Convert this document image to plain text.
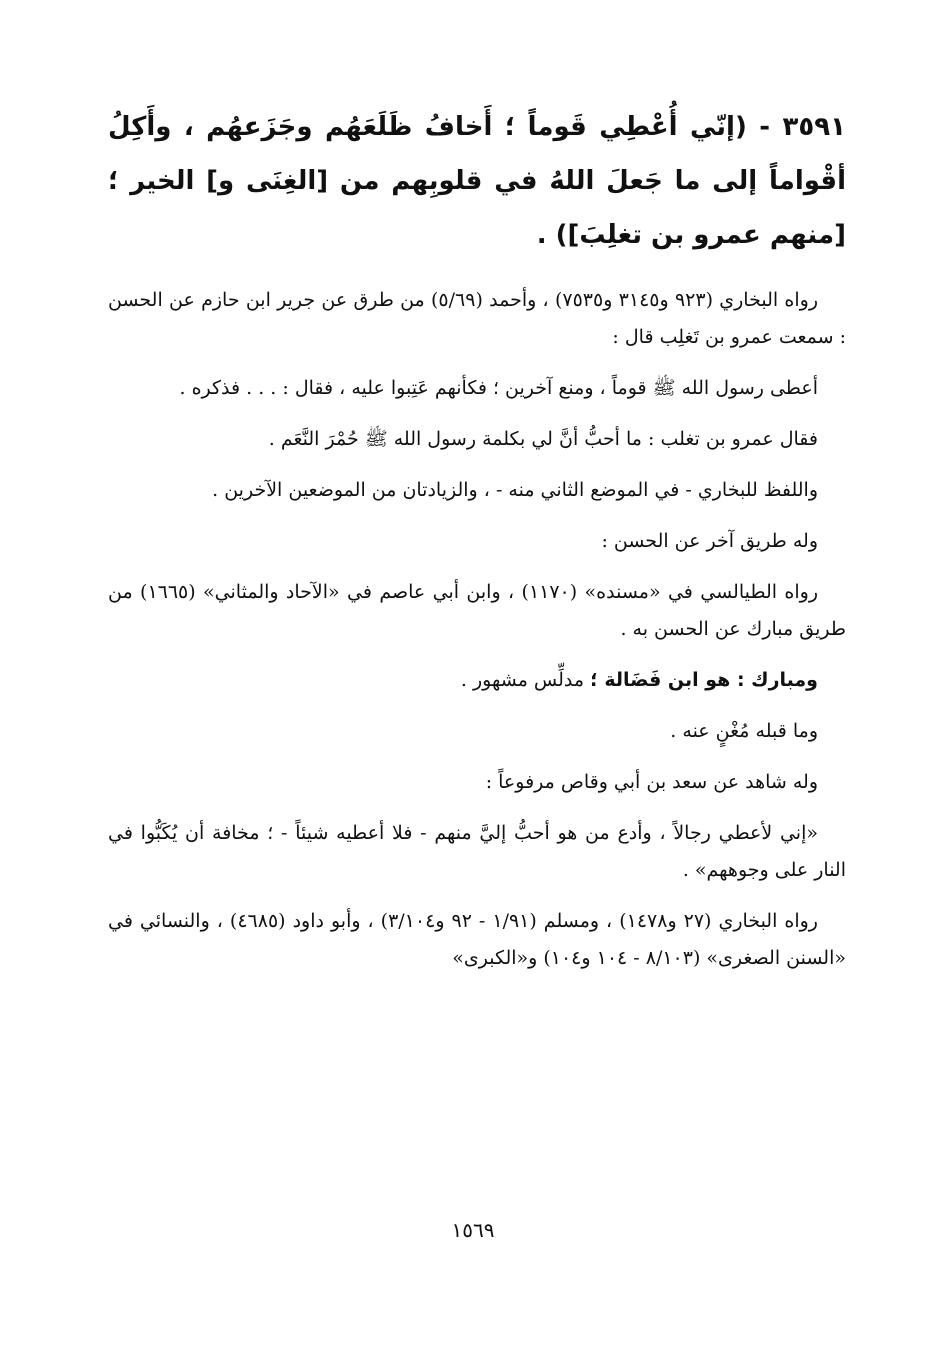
٣٥٩١ - (إنّي أُعْطِي قَوماً ؛ أَخافُ ظَلَعَهُم وجَزَعهُم ، وأَكِلُ أقْواماً إلى ما جَعلَ اللهُ في قلوبِهم من [الغِنَى و] الخير ؛ [منهم عمرو بن تغلِبَ]) .

رواه البخاري (٩٢٣ و٣١٤٥ و٧٥٣٥) ، وأحمد (٥/٦٩) من طرق عن جرير ابن حازم عن الحسن : سمعت عمرو بن تَغلِب قال :

أعطى رسول الله ﷺ قوماً ، ومنع آخرين ؛ فكأنهم عَتِبوا عليه ، فقال : . . . فذكره .

فقال عمرو بن تغلب : ما أحبُّ أنَّ لي بكلمة رسول الله ﷺ حُمْرَ النَّعَم .

واللفظ للبخاري - في الموضع الثاني منه - ، والزيادتان من الموضعين الآخرين .

وله طريق آخر عن الحسن :

رواه الطيالسي في «مسنده» (١١٧٠) ، وابن أبي عاصم في «الآحاد والمثاني» (١٦٦٥) من طريق مبارك عن الحسن به .

ومبارك : هو ابن فَضَالة ؛ مدلِّس مشهور .

وما قبله مُغْنٍ عنه .

وله شاهد عن سعد بن أبي وقاص مرفوعاً :

«إني لأعطي رجالاً ، وأدع من هو أحبُّ إليَّ منهم - فلا أعطيه شيئاً - ؛ مخافة أن يُكَبُّوا في النار على وجوههم» .

رواه البخاري (٢٧ و١٤٧٨) ، ومسلم (١/٩١ - ٩٢ و٣/١٠٤) ، وأبو داود (٤٦٨٥) ، والنسائي في «السنن الصغرى» (٨/١٠٣ - ١٠٤ و١٠٤) و«الكبرى»

١٥٦٩
